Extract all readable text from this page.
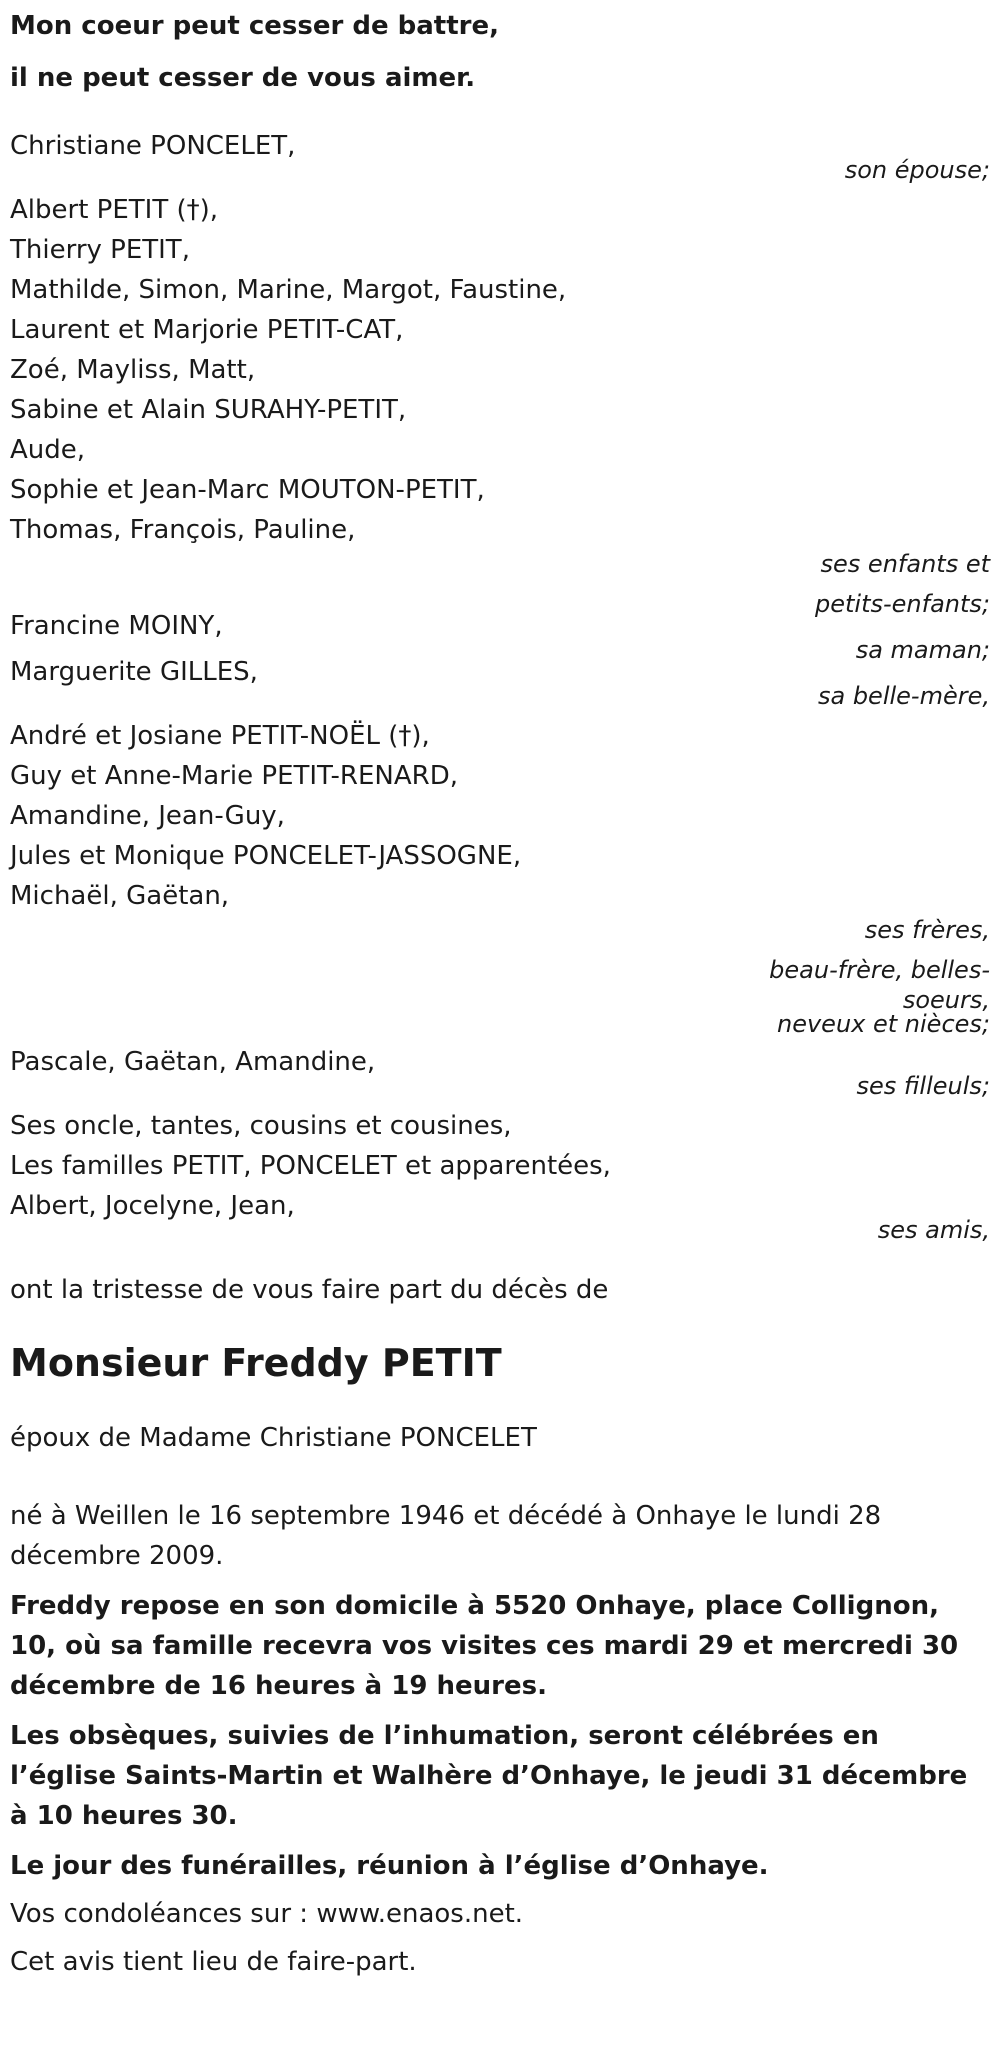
Mon coeur peut cesser de battre,

il ne peut cesser de vous aimer.

Christiane PONCELET,

son épouse;

Albert PETIT (†),

Thierry PETIT,

Mathilde, Simon, Marine, Margot, Faustine,

Laurent et Marjorie PETIT-CAT,

Zoé, Mayliss, Matt,

Sabine et Alain SURAHY-PETIT,

Aude,

Sophie et Jean-Marc MOUTON-PETIT,

Thomas, François, Pauline,

ses enfants et

petits-enfants;

Francine MOINY,

sa maman;

Marguerite GILLES,

sa belle-mère,

André et Josiane PETIT-NOËL (†),

Guy et Anne-Marie PETIT-RENARD,

Amandine, Jean-Guy,

Jules et Monique PONCELET-JASSOGNE,

Michaël, Gaëtan,

ses frères,

beau-frère, belles-

soeurs,

neveux et nièces;

Pascale, Gaëtan, Amandine,

ses filleuls;

Ses oncle, tantes, cousins et cousines,

Les familles PETIT, PONCELET et apparentées,

Albert, Jocelyne, Jean,

ses amis,

ont la tristesse de vous faire part du décès de

Monsieur Freddy PETIT

époux de Madame Christiane PONCELET

né à Weillen le 16 septembre 1946 et décédé à Onhaye le lundi 28 décembre 2009.

Freddy repose en son domicile à 5520 Onhaye, place Collignon, 10, où sa famille recevra vos visites ces mardi 29 et mercredi 30 décembre de 16 heures à 19 heures.

Les obsèques, suivies de l’inhumation, seront célébrées en l’église Saints-Martin et Walhère d’Onhaye, le jeudi 31 décembre à 10 heures 30.

Le jour des funérailles, réunion à l’église d’Onhaye.

Vos condoléances sur : www.enaos.net.

Cet avis tient lieu de faire-part.
